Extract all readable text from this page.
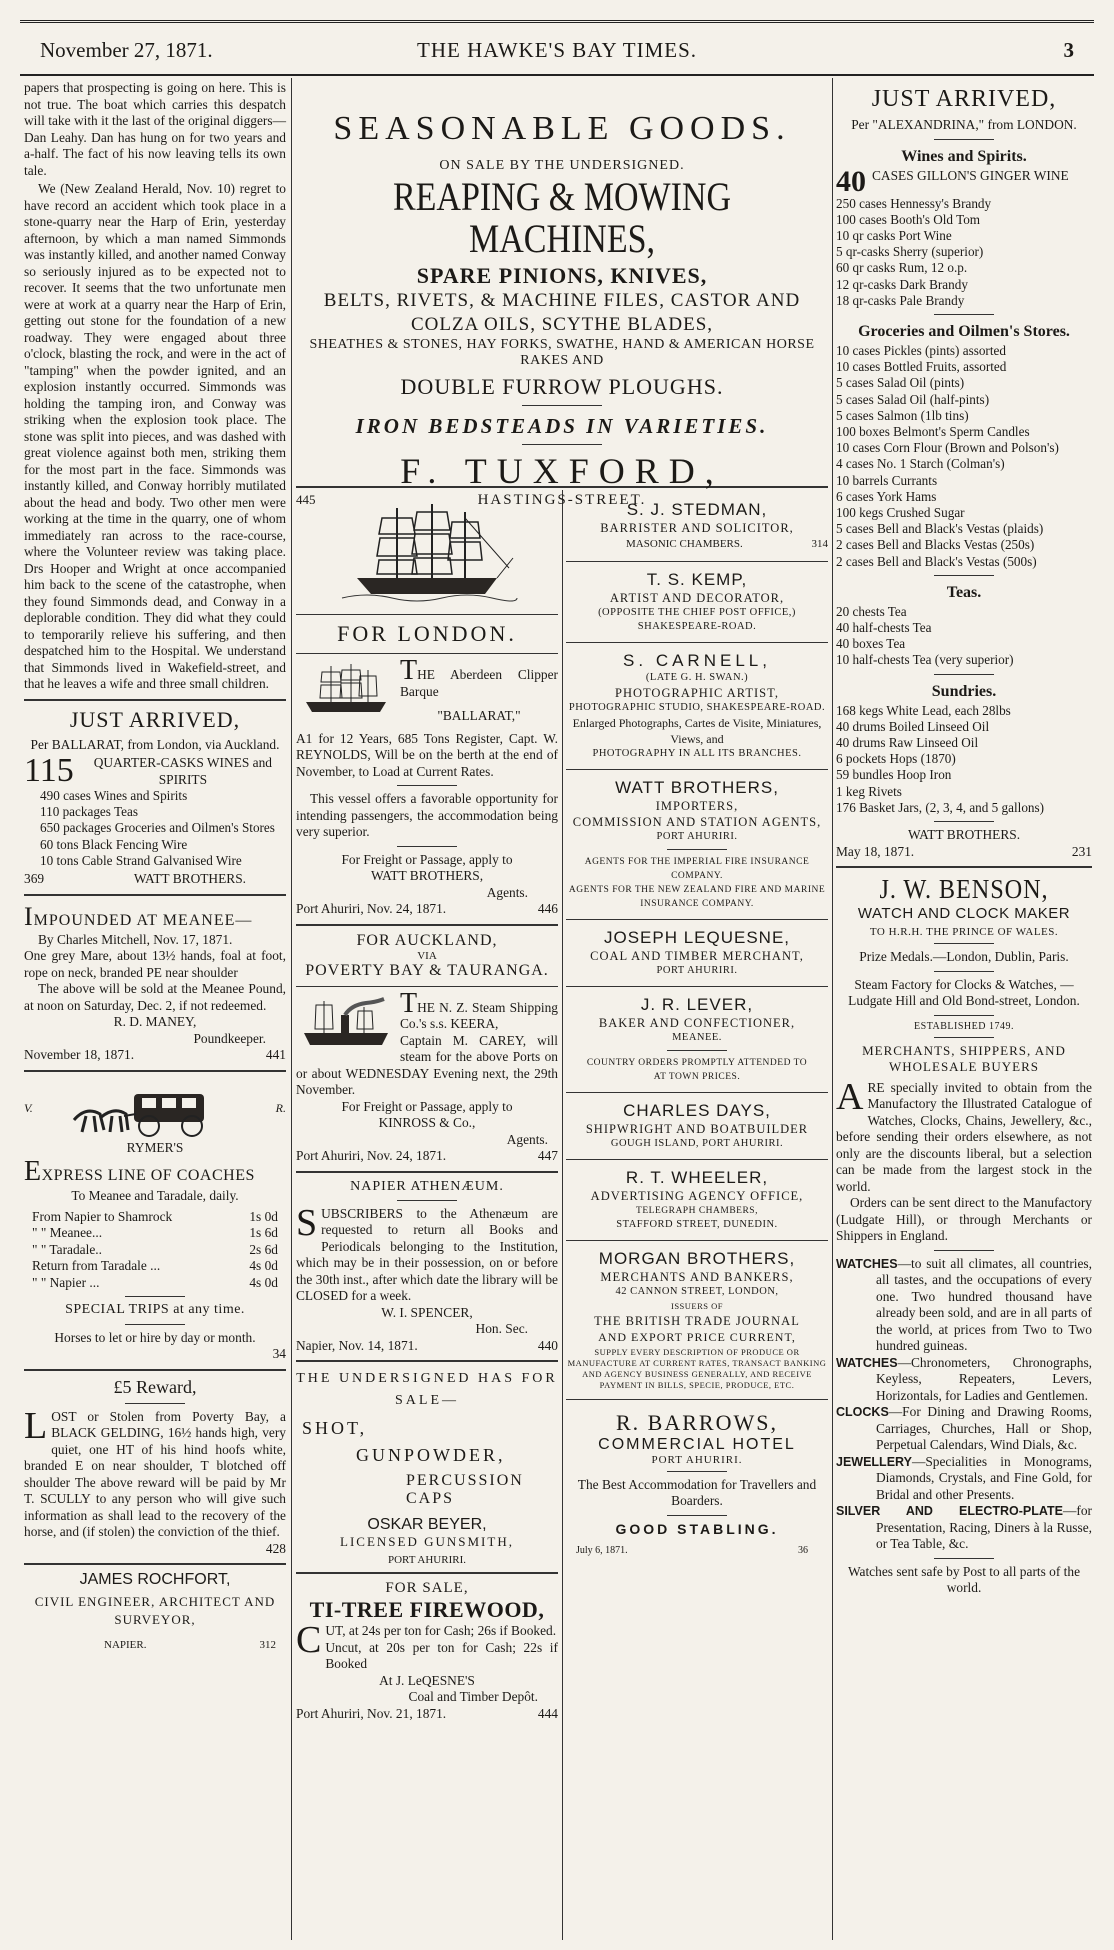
November 27, 1871.	THE HAWKE'S BAY TIMES.	3

papers that prospecting is going on here. This is not true. The boat which carries this despatch will take with it the last of the original diggers—Dan Leahy. Dan has hung on for two years and a-half. The fact of his now leaving tells its own tale.

We (New Zealand Herald, Nov. 10) regret to have record an accident which took place in a stone-quarry near the Harp of Erin, yesterday afternoon, by which a man named Simmonds was instantly killed, and another named Conway so seriously injured as to be expected not to recover. It seems that the two unfortunate men were at work at a quarry near the Harp of Erin, getting out stone for the foundation of a new roadway. They were engaged about three o'clock, blasting the rock, and were in the act of "tamping" when the powder ignited, and an explosion instantly occurred. Simmonds was holding the tamping iron, and Conway was striking when the explosion took place. The stone was split into pieces, and was dashed with great violence against both men, striking them for the most part in the face. Simmonds was instantly killed, and Conway horribly mutilated about the head and body. Two other men were working at the time in the quarry, one of whom immediately ran across to the race-course, where the Volunteer review was taking place. Drs Hooper and Wright at once accompanied him back to the scene of the catastrophe, when they found Simmonds dead, and Conway in a deplorable condition. They did what they could to temporarily relieve his suffering, and then despatched him to the Hospital. We understand that Simmonds lived in Wakefield-street, and that he leaves a wife and three small children.

JUST ARRIVED,

Per BALLARAT, from London, via Auckland.

115	QUARTER-CASKS WINES and SPIRITS

490 cases Wines and Spirits
110 packages Teas
650 packages Groceries and Oilmen's Stores
60 tons Black Fencing Wire
10 tons Cable Strand Galvanised Wire
369	WATT BROTHERS.
IMPOUNDED AT MEANEE—

By Charles Mitchell, Nov. 17, 1871.

One grey Mare, about 13½ hands, foal at foot, rope on neck, branded PE near shoulder

The above will be sold at the Meanee Pound, at noon on Saturday, Dec. 2, if not redeemed.

R. D. MANEY,

Poundkeeper.

November 18, 1871.	441
V.	R.

RYMER'S

EXPRESS LINE OF COACHES

To Meanee and Taradale, daily.

From Napier to Shamrock	1s 0d
" " Meanee...	1s 6d
" " Taradale..	2s 6d
Return from Taradale ...	4s 0d
" " Napier ...	4s 0d

SPECIAL TRIPS at any time.

Horses to let or hire by day or month.

34

£5 Reward,

LOST or Stolen from Poverty Bay, a BLACK GELDING, 16½ hands high, very quiet, one HT of his hind hoofs white, branded E on near shoulder, T blotched off shoulder The above reward will be paid by Mr T. SCULLY to any person who will give such information as shall lead to the recovery of the horse, and (if stolen) the conviction of the thief.

428

JAMES ROCHFORT,
CIVIL ENGINEER, ARCHITECT AND SURVEYOR,
NAPIER.	312
SEASONABLE GOODS.
ON SALE BY THE UNDERSIGNED.
REAPING & MOWING MACHINES,
SPARE PINIONS, KNIVES,
BELTS, RIVETS, & MACHINE FILES, CASTOR AND COLZA OILS, SCYTHE BLADES,
SHEATHES & STONES, HAY FORKS, SWATHE, HAND & AMERICAN HORSE RAKES AND
DOUBLE FURROW PLOUGHS.
IRON BEDSTEADS IN VARIETIES.
F. TUXFORD,
445	HASTINGS-STREET.
FOR LONDON.

THE Aberdeen Clipper Barque

"BALLARAT,"

A1 for 12 Years, 685 Tons Register, Capt. W. REYNOLDS, Will be on the berth at the end of November, to Load at Current Rates.

This vessel offers a favorable opportunity for intending passengers, the accommodation being very superior.

For Freight or Passage, apply to

WATT BROTHERS,

Agents.

Port Ahuriri, Nov. 24, 1871.	446
FOR AUCKLAND,
VIA
POVERTY BAY & TAURANGA.

THE N. Z. Steam Shipping Co.'s s.s. KEERA,

Captain M. CAREY, will steam for the above Ports on or about WEDNESDAY Evening next, the 29th November.

For Freight or Passage, apply to

KINROSS & Co.,

Agents.

Port Ahuriri, Nov. 24, 1871.	447
NAPIER ATHENÆUM.

SUBSCRIBERS to the Athenæum are requested to return all Books and Periodicals belonging to the Institution, which may be in their possession, on or before the 30th inst., after which date the library will be CLOSED for a week.

W. I. SPENCER,

Hon. Sec.

Napier, Nov. 14, 1871.	440
THE UNDERSIGNED HAS FOR SALE—
SHOT,
GUNPOWDER,
PERCUSSION CAPS
OSKAR BEYER,
LICENSED GUNSMITH,
PORT AHURIRI.
FOR SALE,
TI-TREE FIREWOOD,

CUT, at 24s per ton for Cash; 26s if Booked.

Uncut, at 20s per ton for Cash; 22s if Booked

At J. LeQESNE'S

Coal and Timber Depôt.

Port Ahuriri, Nov. 21, 1871.	444
S. J. STEDMAN,
BARRISTER AND SOLICITOR,
MASONIC CHAMBERS.	314
T. S. KEMP,
ARTIST AND DECORATOR,
(OPPOSITE THE CHIEF POST OFFICE,)
SHAKESPEARE-ROAD.
S. CARNELL,
(LATE G. H. SWAN.)
PHOTOGRAPHIC ARTIST,
PHOTOGRAPHIC STUDIO, SHAKESPEARE-ROAD.
Enlarged Photographs, Cartes de Visite, Miniatures, Views, and
PHOTOGRAPHY IN ALL ITS BRANCHES.
WATT BROTHERS,
IMPORTERS,
COMMISSION AND STATION AGENTS,
PORT AHURIRI.
AGENTS FOR THE IMPERIAL FIRE INSURANCE COMPANY.
AGENTS FOR THE NEW ZEALAND FIRE AND MARINE INSURANCE COMPANY.
JOSEPH LEQUESNE,
COAL AND TIMBER MERCHANT,
PORT AHURIRI.
J. R. LEVER,
BAKER AND CONFECTIONER,
MEANEE.
COUNTRY ORDERS PROMPTLY ATTENDED TO
AT TOWN PRICES.
CHARLES DAYS,
SHIPWRIGHT AND BOATBUILDER
GOUGH ISLAND, PORT AHURIRI.
R. T. WHEELER,
ADVERTISING AGENCY OFFICE,
TELEGRAPH CHAMBERS,
STAFFORD STREET, DUNEDIN.
MORGAN BROTHERS,
MERCHANTS AND BANKERS,
42 CANNON STREET, LONDON,
ISSUERS OF
THE BRITISH TRADE JOURNAL
AND EXPORT PRICE CURRENT,
SUPPLY EVERY DESCRIPTION OF PRODUCE OR MANUFACTURE AT CURRENT RATES, TRANSACT BANKING AND AGENCY BUSINESS GENERALLY, AND RECEIVE PAYMENT IN BILLS, SPECIE, PRODUCE, ETC.
R. BARROWS,
COMMERCIAL HOTEL
PORT AHURIRI.

The Best Accommodation for Travellers and Boarders.

GOOD STABLING.
July 6, 1871.	36
JUST ARRIVED,

Per "ALEXANDRINA," from LONDON.

Wines and Spirits.
40 CASES GILLON'S GINGER WINE

250 cases Hennessy's Brandy
100 cases Booth's Old Tom
10 qr casks Port Wine
5 qr-casks Sherry (superior)
60 qr casks Rum, 12 o.p.
12 qr-casks Dark Brandy
18 qr-casks Pale Brandy
Groceries and Oilmen's Stores.
10 cases Pickles (pints) assorted
10 cases Bottled Fruits, assorted
5 cases Salad Oil (pints)
5 cases Salad Oil (half-pints)
5 cases Salmon (1lb tins)
100 boxes Belmont's Sperm Candles
10 cases Corn Flour (Brown and Polson's)
4 cases No. 1 Starch (Colman's)
10 barrels Currants
6 cases York Hams
100 kegs Crushed Sugar
5 cases Bell and Black's Vestas (plaids)
2 cases Bell and Blacks Vestas (250s)
2 cases Bell and Black's Vestas (500s)
Teas.
20 chests Tea
40 half-chests Tea
40 boxes Tea
10 half-chests Tea (very superior)
Sundries.
168 kegs White Lead, each 28lbs
40 drums Boiled Linseed Oil
40 drums Raw Linseed Oil
6 pockets Hops (1870)
59 bundles Hoop Iron
1 keg Rivets
176 Basket Jars, (2, 3, 4, and 5 gallons)

WATT BROTHERS.

May 18, 1871.	231
J. W. BENSON,
WATCH AND CLOCK MAKER
TO H.R.H. THE PRINCE OF WALES.

Prize Medals.—London, Dublin, Paris.

Steam Factory for Clocks & Watches, —Ludgate Hill and Old Bond-street, London.

ESTABLISHED 1749.

MERCHANTS, SHIPPERS, AND WHOLESALE BUYERS

ARE specially invited to obtain from the Manufactory the Illustrated Catalogue of Watches, Clocks, Chains, Jewellery, &c., before sending their orders elsewhere, as not only are the discounts liberal, but a selection can be made from the largest stock in the world.

Orders can be sent direct to the Manufactory (Ludgate Hill), or through Merchants or Shippers in England.

WATCHES—to suit all climates, all countries, all tastes, and the occupations of every one. Two hundred thousand have already been sold, and are in all parts of the world, at prices from Two to Two hundred guineas.

WATCHES—Chronometers, Chronographs, Keyless, Repeaters, Levers, Horizontals, for Ladies and Gentlemen.

CLOCKS—For Dining and Drawing Rooms, Carriages, Churches, Hall or Shop, Perpetual Calendars, Wind Dials, &c.

JEWELLERY—Specialities in Monograms, Diamonds, Crystals, and Fine Gold, for Bridal and other Presents.

SILVER AND ELECTRO-PLATE—for Presentation, Racing, Diners à la Russe, or Tea Table, &c.

Watches sent safe by Post to all parts of the world.
